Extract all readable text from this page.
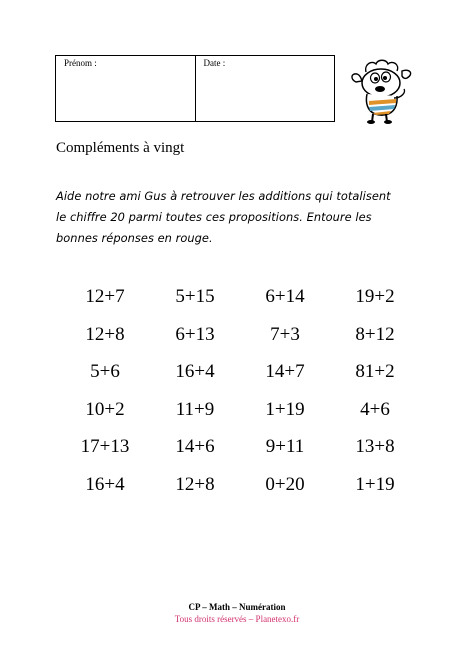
Prénom :	Date :
Compléments à vingt
Aide notre ami Gus à retrouver les additions qui totalisent
le chiffre 20 parmi toutes ces propositions. Entoure les
bonnes réponses en rouge.
12+7	5+15	6+14	19+2
12+8	6+13	7+3	8+12
5+6	16+4	14+7	81+2
10+2	11+9	1+19	4+6
17+13	14+6	9+11	13+8
16+4	12+8	0+20	1+19
CP – Math – Numération
Tous droits réservés – Planetexo.fr
